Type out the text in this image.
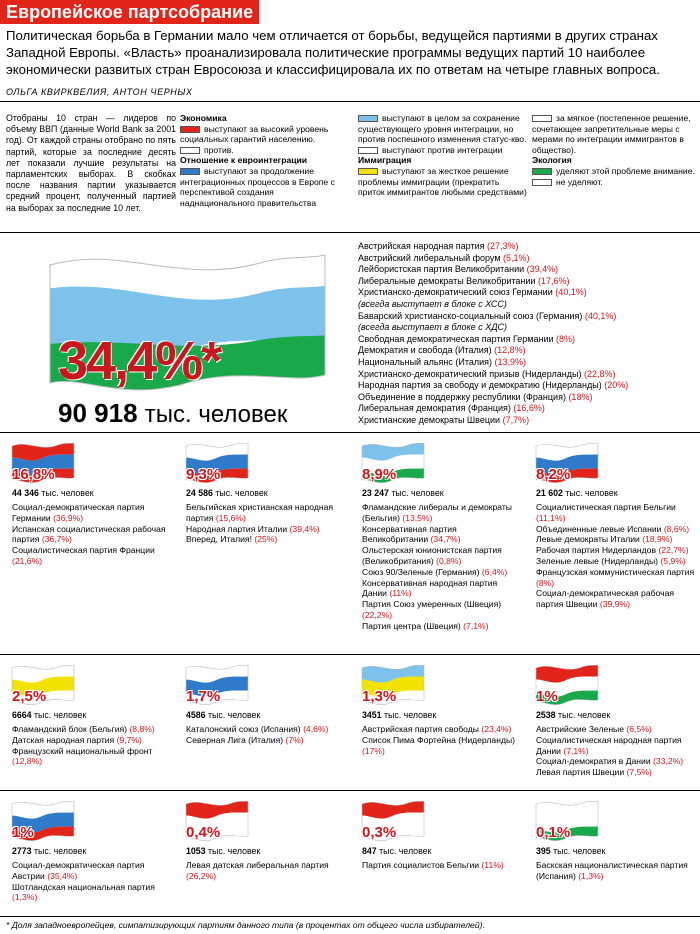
Европейское партсобрание
Политическая борьба в Германии мало чем отличается от борьбы, ведущейся партиями в других странах Западной Европы. «Власть» проанализировала политические программы ведущих партий 10 наиболее экономически развитых стран Евросоюза и классифицировала их по ответам на четыре главных вопроса.
ОЛЬГА КВИРКВЕЛИЯ, АНТОН ЧЕРНЫХ
Отобраны 10 стран — лидеров по объему ВВП (данные World Bank за 2001 год). От каждой страны отобрано по пять партий, которые за последние десять лет показали лучшие результаты на парламентских выборах. В скобках после названия партии указывается средний процент, полученный партией на выборах за последние 10 лет.
Экономика
выступают за высокий уровень социальных гарантий населению.
против.
Отношение к евроинтеграции
выступают за продолжение интеграционных процессов в Европе с перспективой создания наднационального правительства
выступают в целом за сохранение существующего уровня интеграции, но против поспешного изменения статус-кво.
выступают против интеграции
Иммиграция
выступают за жесткое решение проблемы иммиграции (прекратить приток иммигрантов любыми средствами)
за мягкое (постепенное решение, сочетающее запретительные меры с мерами по интеграции иммигрантов в общество).
Экология
уделяют этой проблеме внимание.
не уделяют.
34,4%*
90 918 тыс. человек
Австрийская народная партия (27,3%)
Австрийский либеральный форум (5,1%)
Лейбористская партия Великобритании (39,4%)
Либеральные демократы Великобритании (17,6%)
Христианско-демократический союз Германии (40,1%)
(всегда выступает в блоке с ХСС)
Баварский христианско-социальный союз (Германия) (40,1%)
(всегда выступает в блоке с ХДС)
Свободная демократическая партия Германии (8%)
Демократия и свобода (Италия) (12,8%)
Национальный альянс (Италия) (13,9%)
Христианско-демократический призыв (Нидерланды) (22,8%)
Народная партия за свободу и демократию (Нидерланды) (20%)
Объединение в поддержку республики (Франция) (18%)
Либеральная демократия (Франция) (16,6%)
Христианские демократы Швеции (7,7%)
16,8%
44 346 тыс. человек
Социал-демократическая партия Германии (36,9%)
Испанская социалистическая рабочая партия (36,7%)
Социалистическая партия Франции (21,6%)
9,3%
24 586 тыс. человек
Бельгийская христианская народная партия (15,6%)
Народная партия Италии (39,4%)
Вперед, Италия! (25%)
8,9%
23 247 тыс. человек
Фламандские либералы и демократы (Бельгия) (13,5%)
Консервативная партия Великобритании (34,7%)
Ольстерская юнионистская партия (Великобритания) (0,8%)
Союз 90/Зеленые (Германия) (6,4%)
Консервативная народная партия Дании (11%)
Партия Союз умеренных (Швеция) (22,2%)
Партия центра (Швеция) (7,1%)
8,2%
21 602 тыс. человек
Социалистическая партия Бельгии (11,1%)
Объединенные левые Испании (8,6%)
Левые демократы Италии (18,9%)
Рабочая партия Нидерландов (22,7%)
Зеленые левые (Нидерланды) (5,9%)
Французская коммунистическая партия (8%)
Социал-демократическая рабочая партия Швеции (39,9%)
2,5%
6664 тыс. человек
Фламандский блок (Бельгия) (8,8%)
Датская народная партия (9,7%)
Французский национальный фронт (12,8%)
1,7%
4586 тыс. человек
Каталонский союз (Испания) (4,6%)
Северная Лига (Италия) (7%)
1,3%
3451 тыс. человек
Австрийская партия свободы (23,4%)
Список Пима Фортейна (Нидерланды) (17%)
1%
2538 тыс. человек
Австрийские Зеленые (6,5%)
Социалистическая народная партия Дании (7,1%)
Социал-демократия в Дании (33,2%)
Левая партия Швеции (7,5%)
1%
2773 тыс. человек
Социал-демократическая партия Австрии (35,4%)
Шотландская национальная партия (1,3%)
0,4%
1053 тыс. человек
Левая датская либеральная партия (26,2%)
0,3%
847 тыс. человек
Партия социалистов Бельгии (11%)
0,1%
395 тыс. человек
Баскская националистическая партия (Испания) (1,3%)
* Доля западноевропейцев, симпатизирующих партиям данного типа (в процентах от общего числа избирателей).
